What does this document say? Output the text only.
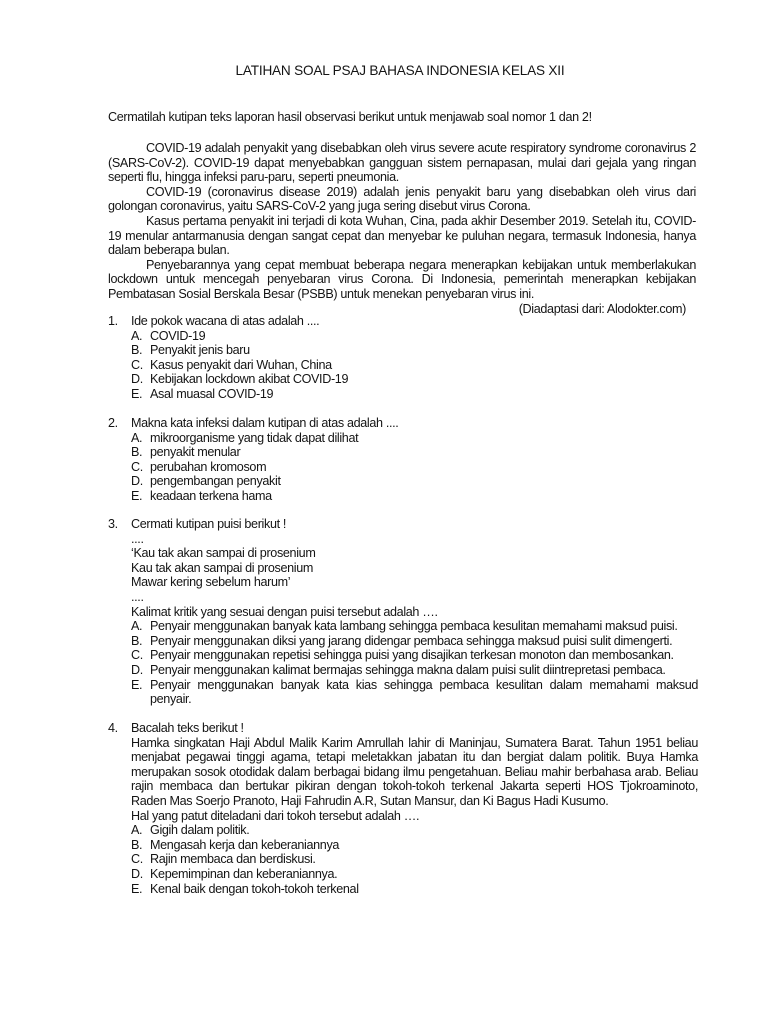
LATIHAN SOAL PSAJ BAHASA INDONESIA KELAS XII
Cermatilah kutipan teks laporan hasil observasi berikut untuk menjawab soal nomor 1 dan 2!

COVID-19 adalah penyakit yang disebabkan oleh virus severe acute respiratory syndrome coronavirus 2 (SARS-CoV-2). COVID-19 dapat menyebabkan gangguan sistem pernapasan, mulai dari gejala yang ringan seperti flu, hingga infeksi paru-paru, seperti pneumonia.

COVID-19 (coronavirus disease 2019) adalah jenis penyakit baru yang disebabkan oleh virus dari golongan coronavirus, yaitu SARS-CoV-2 yang juga sering disebut virus Corona.

Kasus pertama penyakit ini terjadi di kota Wuhan, Cina, pada akhir Desember 2019. Setelah itu, COVID-19 menular antarmanusia dengan sangat cepat dan menyebar ke puluhan negara, termasuk Indonesia, hanya dalam beberapa bulan.

Penyebarannya yang cepat membuat beberapa negara menerapkan kebijakan untuk memberlakukan lockdown untuk mencegah penyebaran virus Corona. Di Indonesia, pemerintah menerapkan kebijakan Pembatasan Sosial Berskala Besar (PSBB) untuk menekan penyebaran virus ini.

(Diadaptasi dari: Alodokter.com)

1. Ide pokok wacana di atas adalah ....
A. COVID-19
B. Penyakit jenis baru
C. Kasus penyakit dari Wuhan, China
D. Kebijakan lockdown akibat COVID-19
E. Asal muasal COVID-19
2. Makna kata infeksi dalam kutipan di atas adalah ....
A. mikroorganisme yang tidak dapat dilihat
B. penyakit menular
C. perubahan kromosom
D. pengembangan penyakit
E. keadaan terkena hama
3. Cermati kutipan puisi berikut !
....
‘Kau tak akan sampai di prosenium
Kau tak akan sampai di prosenium
Mawar kering sebelum harum’
....
Kalimat kritik yang sesuai dengan puisi tersebut adalah ….
A. Penyair menggunakan banyak kata lambang sehingga pembaca kesulitan memahami maksud puisi.
B. Penyair menggunakan diksi yang jarang didengar pembaca sehingga maksud puisi sulit dimengerti.
C. Penyair menggunakan repetisi sehingga puisi yang disajikan terkesan monoton dan membosankan.
D. Penyair menggunakan kalimat bermajas sehingga makna dalam puisi sulit diintrepretasi pembaca.
E. Penyair menggunakan banyak kata kias sehingga pembaca kesulitan dalam memahami maksud penyair.
4. Bacalah teks berikut !
Hamka singkatan Haji Abdul Malik Karim Amrullah lahir di Maninjau, Sumatera Barat. Tahun 1951 beliau menjabat pegawai tinggi agama, tetapi meletakkan jabatan itu dan bergiat dalam politik. Buya Hamka merupakan sosok otodidak dalam berbagai bidang ilmu pengetahuan. Beliau mahir berbahasa arab. Beliau rajin membaca dan bertukar pikiran dengan tokoh-tokoh terkenal Jakarta seperti HOS Tjokroaminoto, Raden Mas Soerjo Pranoto, Haji Fahrudin A.R, Sutan Mansur, dan Ki Bagus Hadi Kusumo.
Hal yang patut diteladani dari tokoh tersebut adalah ….
A. Gigih dalam politik.
B. Mengasah kerja dan keberaniannya
C. Rajin membaca dan berdiskusi.
D. Kepemimpinan dan keberaniannya.
E. Kenal baik dengan tokoh-tokoh terkenal
